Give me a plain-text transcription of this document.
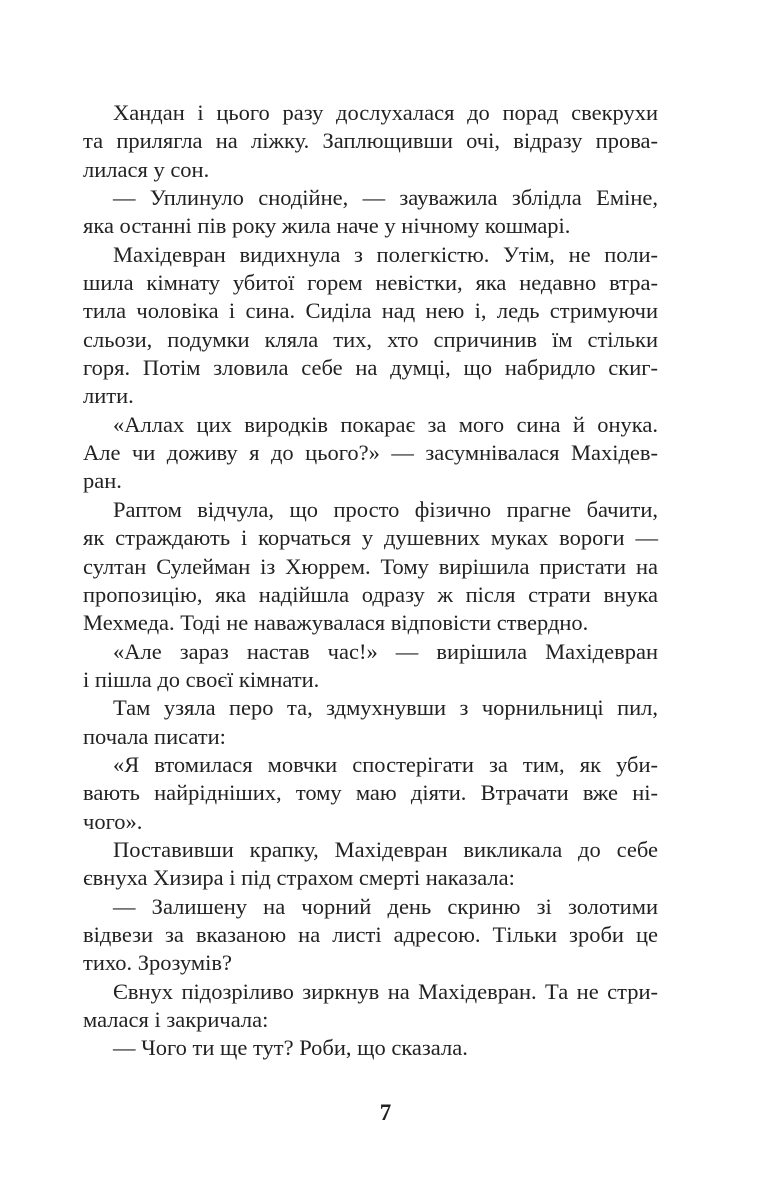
Хандан і цього разу дослухалася до порад свекрухи
та прилягла на ліжку. Заплющивши очі, відразу прова-
лилася у сон.
— Уплинуло снодійне, — зауважила зблідла Еміне,
яка останні пів року жила наче у нічному кошмарі.
Махідевран видихнула з полегкістю. Утім, не поли-
шила кімнату убитої горем невістки, яка недавно втра-
тила чоловіка і сина. Сиділа над нею і, ледь стримуючи
сльози, подумки кляла тих, хто спричинив їм стільки
горя. Потім зловила себе на думці, що набридло скиг-
лити.
«Аллах цих виродків покарає за мого сина й онука.
Але чи доживу я до цього?» — засумнівалася Махідев-
ран.
Раптом відчула, що просто фізично прагне бачити,
як страждають і корчаться у душевних муках вороги —
султан Сулейман із Хюррем. Тому вирішила пристати на
пропозицію, яка надійшла одразу ж після страти внука
Мехмеда. Тоді не наважувалася відповісти ствердно.
«Але зараз настав час!» — вирішила Махідевран
і пішла до своєї кімнати.
Там узяла перо та, здмухнувши з чорнильниці пил,
почала писати:
«Я втомилася мовчки спостерігати за тим, як уби-
вають найрідніших, тому маю діяти. Втрачати вже ні-
чого».
Поставивши крапку, Махідевран викликала до себе
євнуха Хизира і під страхом смерті наказала:
— Залишену на чорний день скриню зі золотими
відвези за вказаною на листі адресою. Тільки зроби це
тихо. Зрозумів?
Євнух підозріливо зиркнув на Махідевран. Та не стри-
малася і закричала:
— Чого ти ще тут? Роби, що сказала.
7
